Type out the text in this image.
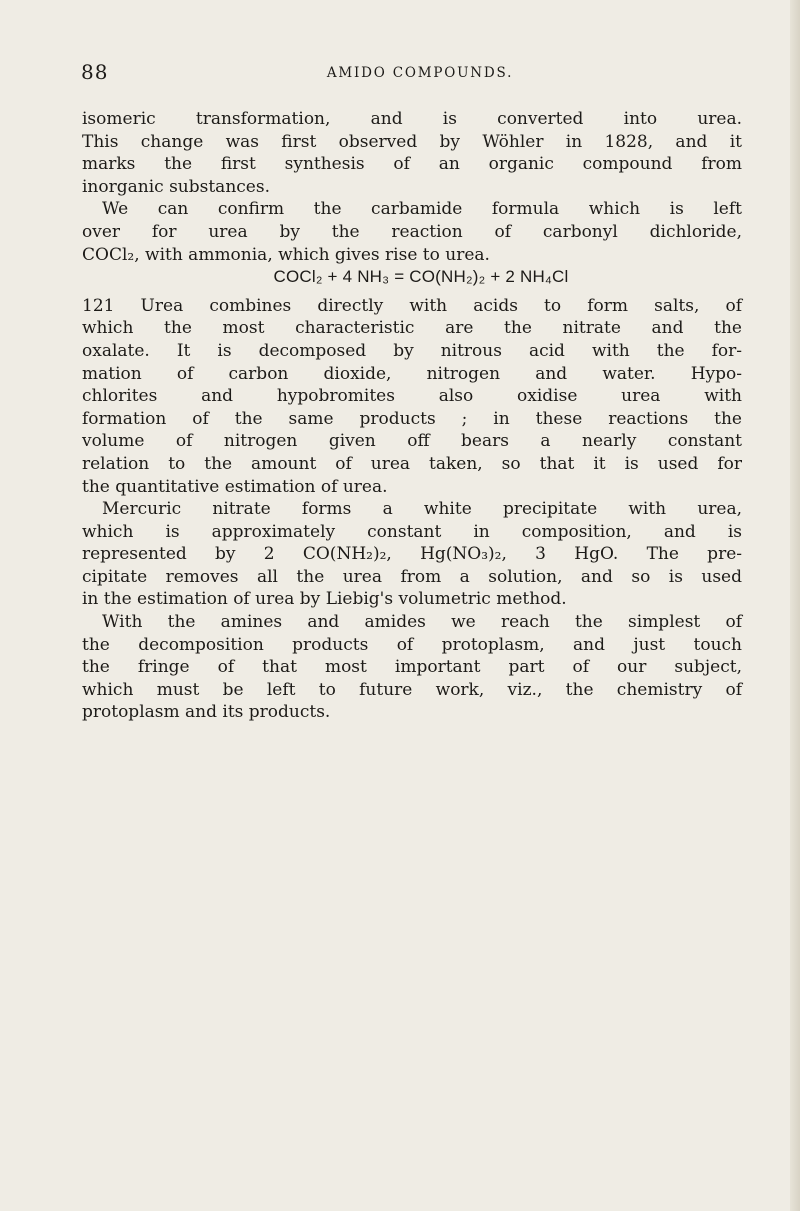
88	AMIDO COMPOUNDS.
isomeric transformation, and is converted into urea.
This change was first observed by Wöhler in 1828, and it
marks the first synthesis of an organic compound from
inorganic substances.
We can confirm the carbamide formula which is left
over for urea by the reaction of carbonyl dichloride,
COCl₂, with ammonia, which gives rise to urea.
COCl₂ + 4 NH₃ = CO(NH₂)₂ + 2 NH₄Cl
121 Urea combines directly with acids to form salts, of
which the most characteristic are the nitrate and the
oxalate. It is decomposed by nitrous acid with the for-
mation of carbon dioxide, nitrogen and water. Hypo-
chlorites and hypobromites also oxidise urea with
formation of the same products ; in these reactions the
volume of nitrogen given off bears a nearly constant
relation to the amount of urea taken, so that it is used for
the quantitative estimation of urea.
Mercuric nitrate forms a white precipitate with urea,
which is approximately constant in composition, and is
represented by 2 CO(NH₂)₂, Hg(NO₃)₂, 3 HgO. The pre-
cipitate removes all the urea from a solution, and so is used
in the estimation of urea by Liebig's volumetric method.
With the amines and amides we reach the simplest of
the decomposition products of protoplasm, and just touch
the fringe of that most important part of our subject,
which must be left to future work, viz., the chemistry of
protoplasm and its products.
